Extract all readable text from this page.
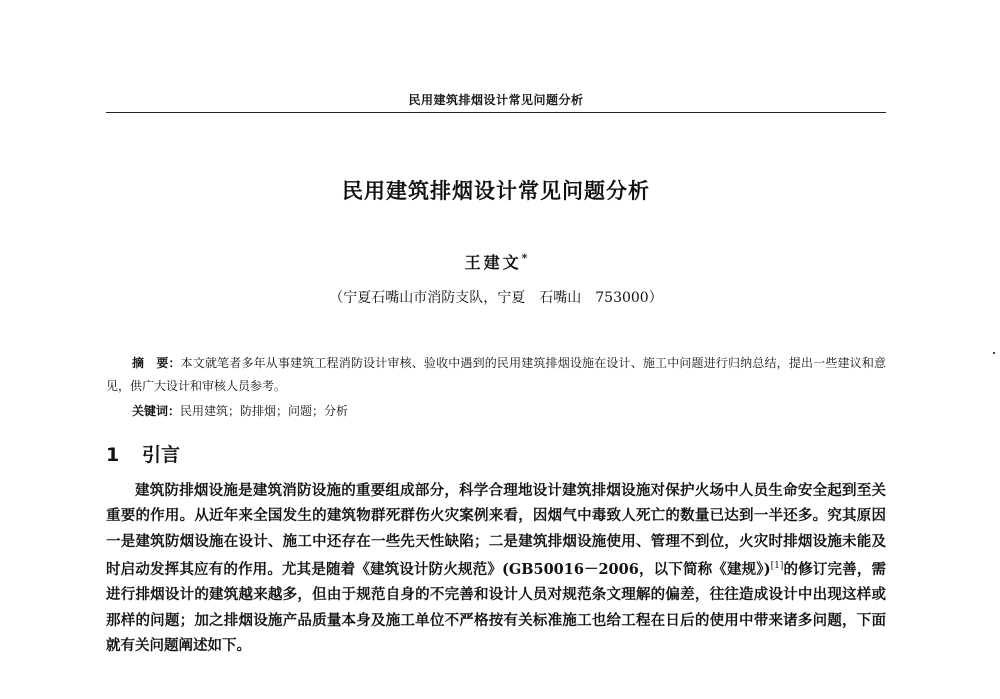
民用建筑排烟设计常见问题分析
民用建筑排烟设计常见问题分析
王建文*
（宁夏石嘴山市消防支队，宁夏　石嘴山　753000）
摘　要：本文就笔者多年从事建筑工程消防设计审核、验收中遇到的民用建筑排烟设施在设计、施工中问题进行归纳总结，提出一些建议和意见，供广大设计和审核人员参考。
关键词：民用建筑；防排烟；问题；分析
1 引言
建筑防排烟设施是建筑消防设施的重要组成部分，科学合理地设计建筑排烟设施对保护火场中人员生命安全起到至关重要的作用。从近年来全国发生的建筑物群死群伤火灾案例来看，因烟气中毒致人死亡的数量已达到一半还多。究其原因一是建筑防烟设施在设计、施工中还存在一些先天性缺陷；二是建筑排烟设施使用、管理不到位，火灾时排烟设施未能及时启动发挥其应有的作用。尤其是随着《建筑设计防火规范》(GB50016－2006，以下简称《建规》)[1]的修订完善，需进行排烟设计的建筑越来越多，但由于规范自身的不完善和设计人员对规范条文理解的偏差，往往造成设计中出现这样或那样的问题；加之排烟设施产品质量本身及施工单位不严格按有关标准施工也给工程在日后的使用中带来诸多问题，下面就有关问题阐述如下。
